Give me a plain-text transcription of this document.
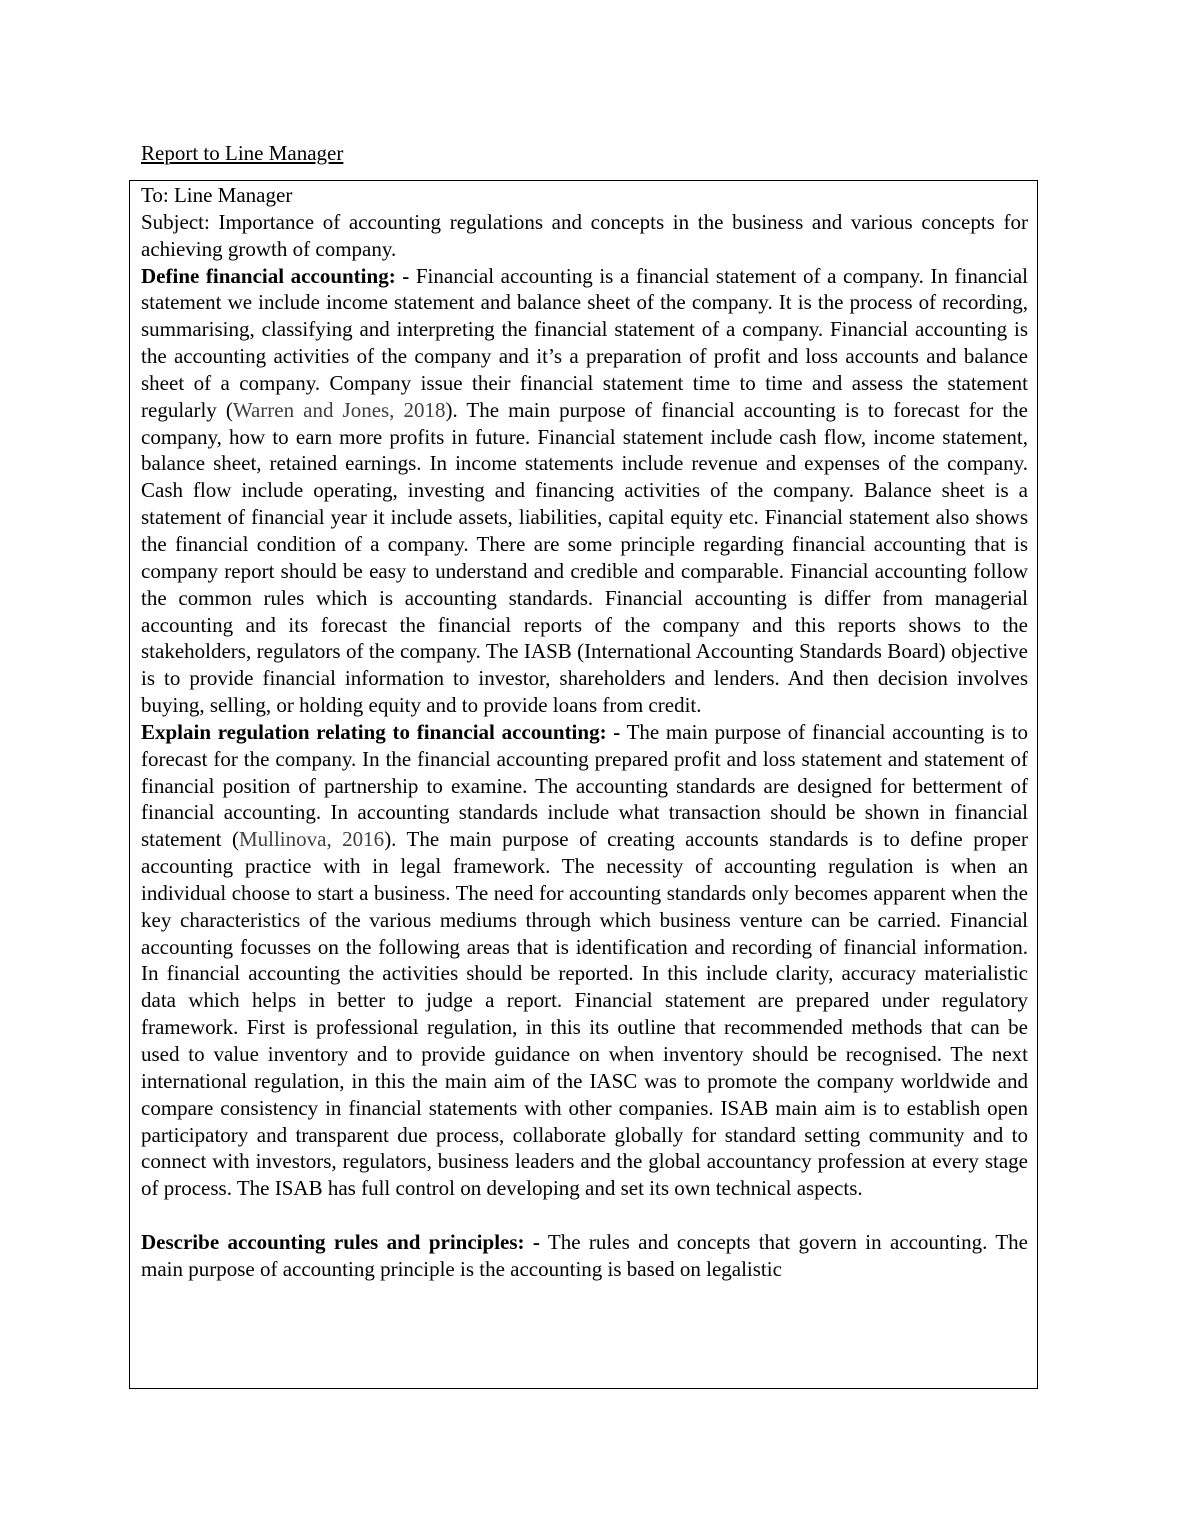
Report to Line Manager

To: Line Manager

Subject: Importance of accounting regulations and concepts in the business and various concepts for achieving growth of company.

Define financial accounting: - Financial accounting is a financial statement of a company. In financial statement we include income statement and balance sheet of the company. It is the process of recording, summarising, classifying and interpreting the financial statement of a company. Financial accounting is the accounting activities of the company and it’s a preparation of profit and loss accounts and balance sheet of a company. Company issue their financial statement time to time and assess the statement regularly (Warren and Jones, 2018). The main purpose of financial accounting is to forecast for the company, how to earn more profits in future. Financial statement include cash flow, income statement, balance sheet, retained earnings. In income statements include revenue and expenses of the company. Cash flow include operating, investing and financing activities of the company. Balance sheet is a statement of financial year it include assets, liabilities, capital equity etc. Financial statement also shows the financial condition of a company. There are some principle regarding financial accounting that is company report should be easy to understand and credible and comparable. Financial accounting follow the common rules which is accounting standards. Financial accounting is differ from managerial accounting and its forecast the financial reports of the company and this reports shows to the stakeholders, regulators of the company. The IASB (International Accounting Standards Board) objective is to provide financial information to investor, shareholders and lenders. And then decision involves buying, selling, or holding equity and to provide loans from credit.

Explain regulation relating to financial accounting: - The main purpose of financial accounting is to forecast for the company. In the financial accounting prepared profit and loss statement and statement of financial position of partnership to examine. The accounting standards are designed for betterment of financial accounting. In accounting standards include what transaction should be shown in financial statement (Mullinova, 2016). The main purpose of creating accounts standards is to define proper accounting practice with in legal framework. The necessity of accounting regulation is when an individual choose to start a business. The need for accounting standards only becomes apparent when the key characteristics of the various mediums through which business venture can be carried. Financial accounting focusses on the following areas that is identification and recording of financial information. In financial accounting the activities should be reported. In this include clarity, accuracy materialistic data which helps in better to judge a report. Financial statement are prepared under regulatory framework. First is professional regulation, in this its outline that recommended methods that can be used to value inventory and to provide guidance on when inventory should be recognised. The next international regulation, in this the main aim of the IASC was to promote the company worldwide and compare consistency in financial statements with other companies. ISAB main aim is to establish open participatory and transparent due process, collaborate globally for standard setting community and to connect with investors, regulators, business leaders and the global accountancy profession at every stage of process. The ISAB has full control on developing and set its own technical aspects.

Describe accounting rules and principles: - The rules and concepts that govern in accounting. The main purpose of accounting principle is the accounting is based on legalistic
